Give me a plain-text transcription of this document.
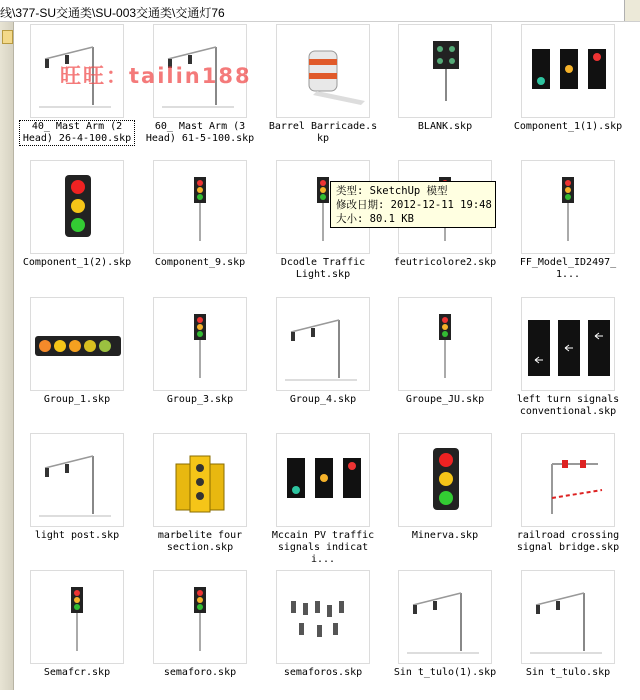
线\377-SU交通类\SU-003交通类\交通灯76
40_ Mast Arm (2
Head) 26-4-100.skp
60_ Mast Arm (3
Head) 61-5-100.skp
Barrel Barricade.skp
BLANK.skp	Component_1(1).skp
Component_1(2).skp	Component_9.skp	Dcodle Traffic
Light.skp
feutricolore2.skp	FF_Model_ID2497_1...
Group_1.skp	Group_3.skp	Group_4.skp	Groupe_JU.skp	left turn signals
conventional.skp
light post.skp	marbelite four
section.skp
Mccain PV traffic
signals indicati...
Minerva.skp	railroad crossing
signal bridge.skp
Semafcr.skp	semaforo.skp	semaforos.skp	Sin t_tulo(1).skp	Sin t_tulo.skp
旺旺：tailin188
类型: SketchUp 模型
修改日期: 2012-12-11 19:48
大小: 80.1 KB
